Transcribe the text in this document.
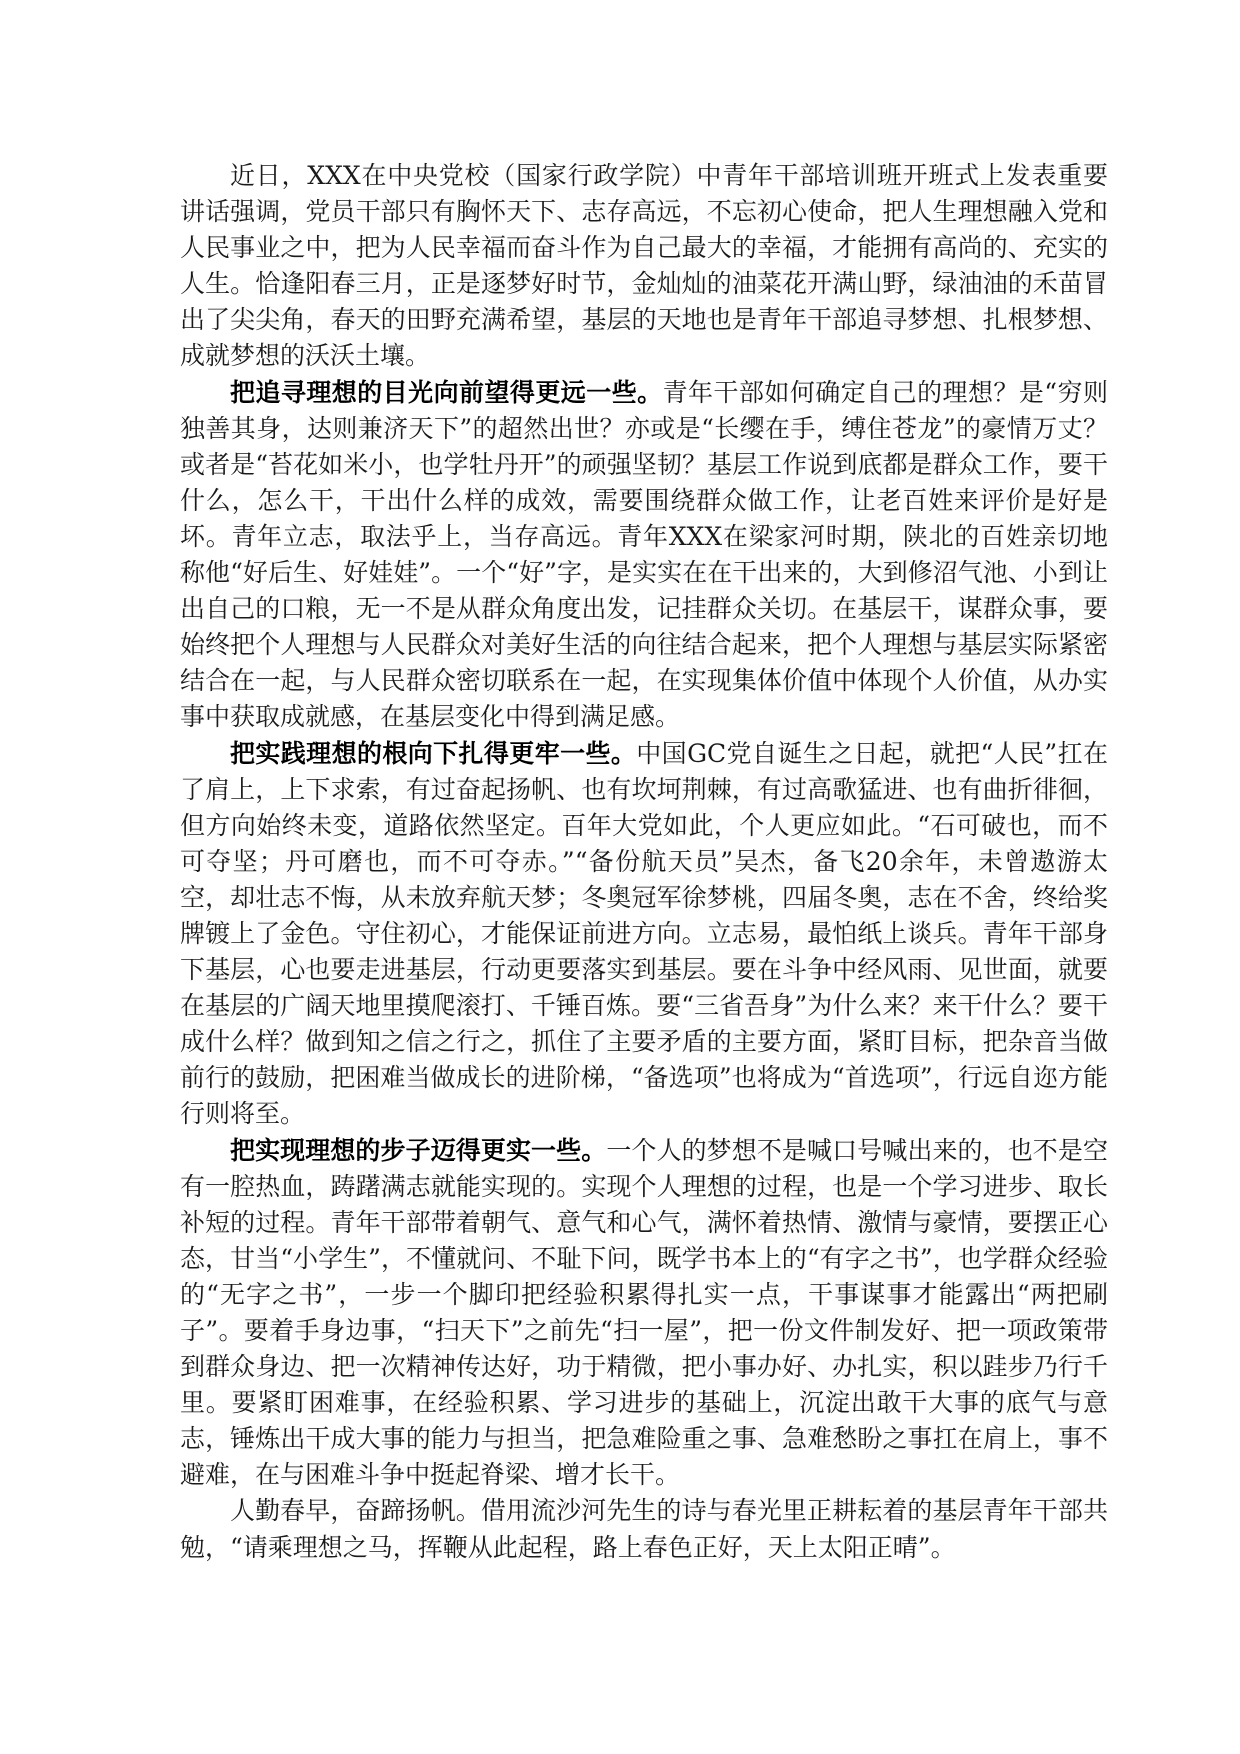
近日，XXX在中央党校（国家行政学院）中青年干部培训班开班式上发表重要讲话强调，党员干部只有胸怀天下、志存高远，不忘初心使命，把人生理想融入党和人民事业之中，把为人民幸福而奋斗作为自己最大的幸福，才能拥有高尚的、充实的人生。恰逢阳春三月，正是逐梦好时节，金灿灿的油菜花开满山野，绿油油的禾苗冒出了尖尖角，春天的田野充满希望，基层的天地也是青年干部追寻梦想、扎根梦想、成就梦想的沃沃土壤。

把追寻理想的目光向前望得更远一些。青年干部如何确定自己的理想？是“穷则独善其身，达则兼济天下”的超然出世？亦或是“长缨在手，缚住苍龙”的豪情万丈？或者是“苔花如米小，也学牡丹开”的顽强坚韧？基层工作说到底都是群众工作，要干什么，怎么干，干出什么样的成效，需要围绕群众做工作，让老百姓来评价是好是坏。青年立志，取法乎上，当存高远。青年XXX在梁家河时期，陕北的百姓亲切地称他“好后生、好娃娃”。一个“好”字，是实实在在干出来的，大到修沼气池、小到让出自己的口粮，无一不是从群众角度出发，记挂群众关切。在基层干，谋群众事，要始终把个人理想与人民群众对美好生活的向往结合起来，把个人理想与基层实际紧密结合在一起，与人民群众密切联系在一起，在实现集体价值中体现个人价值，从办实事中获取成就感，在基层变化中得到满足感。

把实践理想的根向下扎得更牢一些。中国GC党自诞生之日起，就把“人民”扛在了肩上，上下求索，有过奋起扬帆、也有坎坷荆棘，有过高歌猛进、也有曲折徘徊，但方向始终未变，道路依然坚定。百年大党如此，个人更应如此。“石可破也，而不可夺坚；丹可磨也，而不可夺赤。”“备份航天员”吴杰，备飞20余年，未曾遨游太空，却壮志不悔，从未放弃航天梦；冬奥冠军徐梦桃，四届冬奥，志在不舍，终给奖牌镀上了金色。守住初心，才能保证前进方向。立志易，最怕纸上谈兵。青年干部身下基层，心也要走进基层，行动更要落实到基层。要在斗争中经风雨、见世面，就要在基层的广阔天地里摸爬滚打、千锤百炼。要“三省吾身”为什么来？来干什么？要干成什么样？做到知之信之行之，抓住了主要矛盾的主要方面，紧盯目标，把杂音当做前行的鼓励，把困难当做成长的进阶梯，“备选项”也将成为“首选项”，行远自迩方能行则将至。

把实现理想的步子迈得更实一些。一个人的梦想不是喊口号喊出来的，也不是空有一腔热血，踌躇满志就能实现的。实现个人理想的过程，也是一个学习进步、取长补短的过程。青年干部带着朝气、意气和心气，满怀着热情、激情与豪情，要摆正心态，甘当“小学生”，不懂就问、不耻下问，既学书本上的“有字之书”，也学群众经验的“无字之书”，一步一个脚印把经验积累得扎实一点，干事谋事才能露出“两把刷子”。要着手身边事，“扫天下”之前先“扫一屋”，把一份文件制发好、把一项政策带到群众身边、把一次精神传达好，功于精微，把小事办好、办扎实，积以跬步乃行千里。要紧盯困难事，在经验积累、学习进步的基础上，沉淀出敢干大事的底气与意志，锤炼出干成大事的能力与担当，把急难险重之事、急难愁盼之事扛在肩上，事不避难，在与困难斗争中挺起脊梁、增才长干。

人勤春早，奋蹄扬帆。借用流沙河先生的诗与春光里正耕耘着的基层青年干部共勉，“请乘理想之马，挥鞭从此起程，路上春色正好，天上太阳正晴”。
